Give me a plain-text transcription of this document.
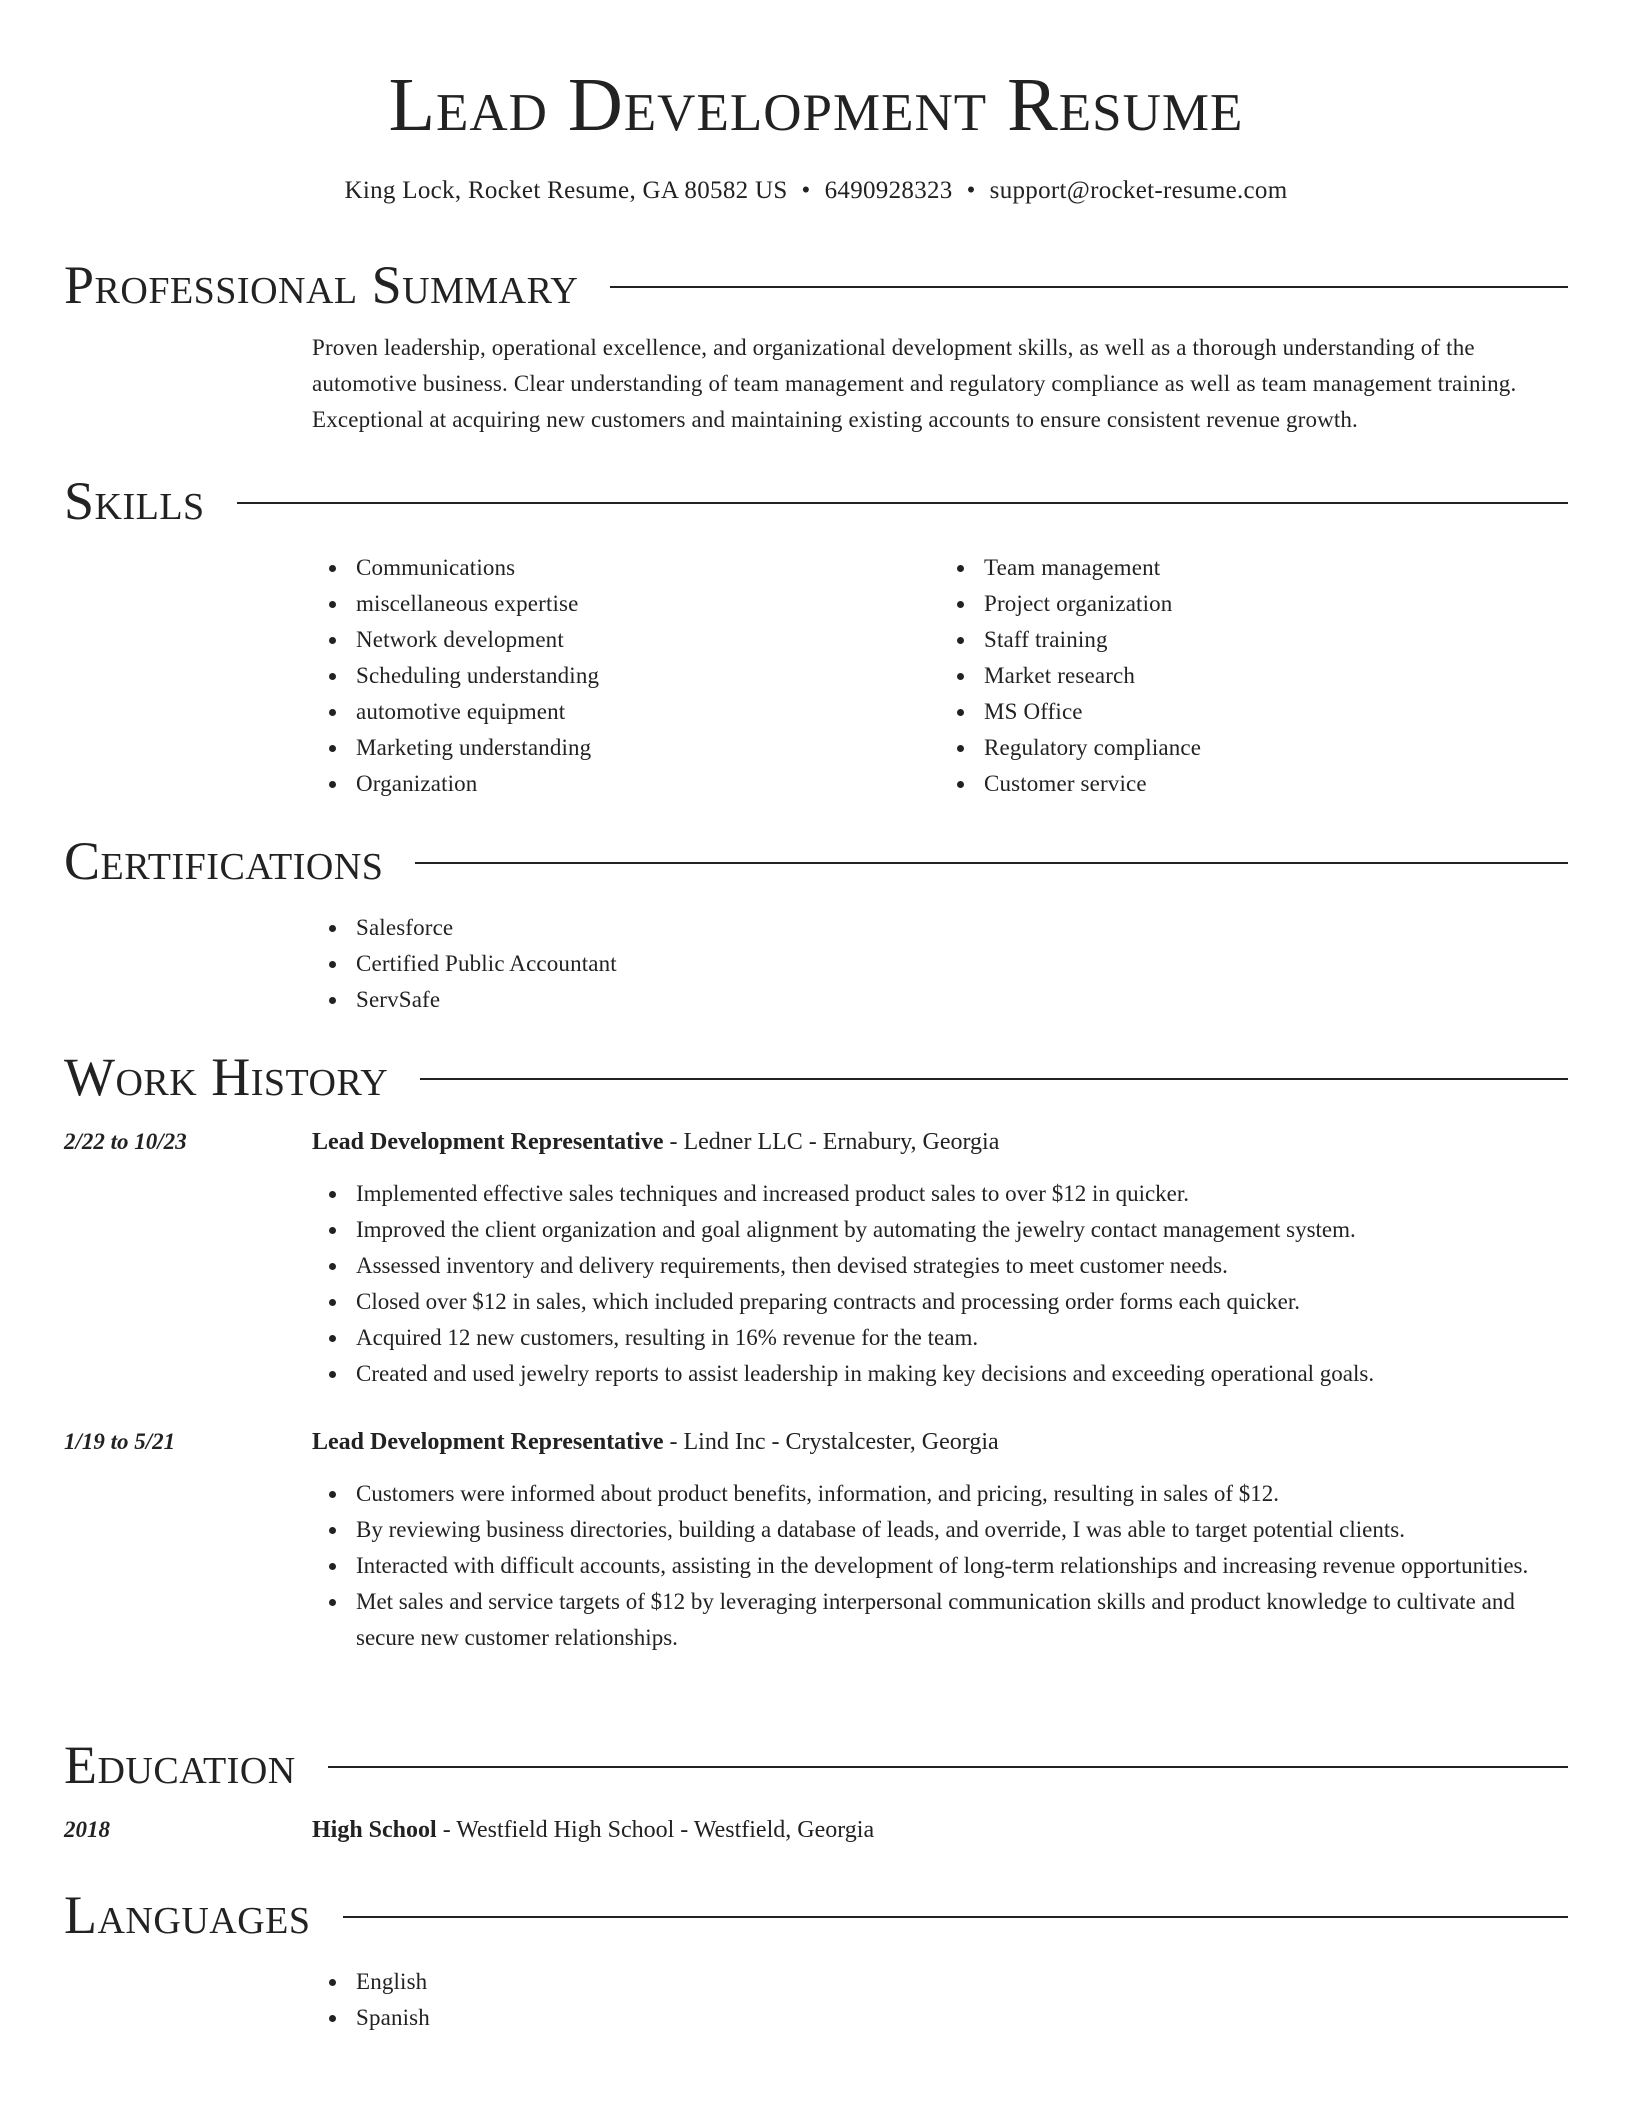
Lead Development Resume
King Lock, Rocket Resume, GA 80582 US • 6490928323 • support@rocket-resume.com
Professional Summary
Proven leadership, operational excellence, and organizational development skills, as well as a thorough understanding of the automotive business. Clear understanding of team management and regulatory compliance as well as team management training. Exceptional at acquiring new customers and maintaining existing accounts to ensure consistent revenue growth.
Skills
Communications
miscellaneous expertise
Network development
Scheduling understanding
automotive equipment
Marketing understanding
Organization
Team management
Project organization
Staff training
Market research
MS Office
Regulatory compliance
Customer service
Certifications
Salesforce
Certified Public Accountant
ServSafe
Work History
2/22 to 10/23	Lead Development Representative - Ledner LLC - Ernabury, Georgia
Implemented effective sales techniques and increased product sales to over $12 in quicker.
Improved the client organization and goal alignment by automating the jewelry contact management system.
Assessed inventory and delivery requirements, then devised strategies to meet customer needs.
Closed over $12 in sales, which included preparing contracts and processing order forms each quicker.
Acquired 12 new customers, resulting in 16% revenue for the team.
Created and used jewelry reports to assist leadership in making key decisions and exceeding operational goals.
1/19 to 5/21	Lead Development Representative - Lind Inc - Crystalcester, Georgia
Customers were informed about product benefits, information, and pricing, resulting in sales of $12.
By reviewing business directories, building a database of leads, and override, I was able to target potential clients.
Interacted with difficult accounts, assisting in the development of long-term relationships and increasing revenue opportunities.
Met sales and service targets of $12 by leveraging interpersonal communication skills and product knowledge to cultivate and secure new customer relationships.
Education
2018	High School - Westfield High School - Westfield, Georgia
Languages
English
Spanish
